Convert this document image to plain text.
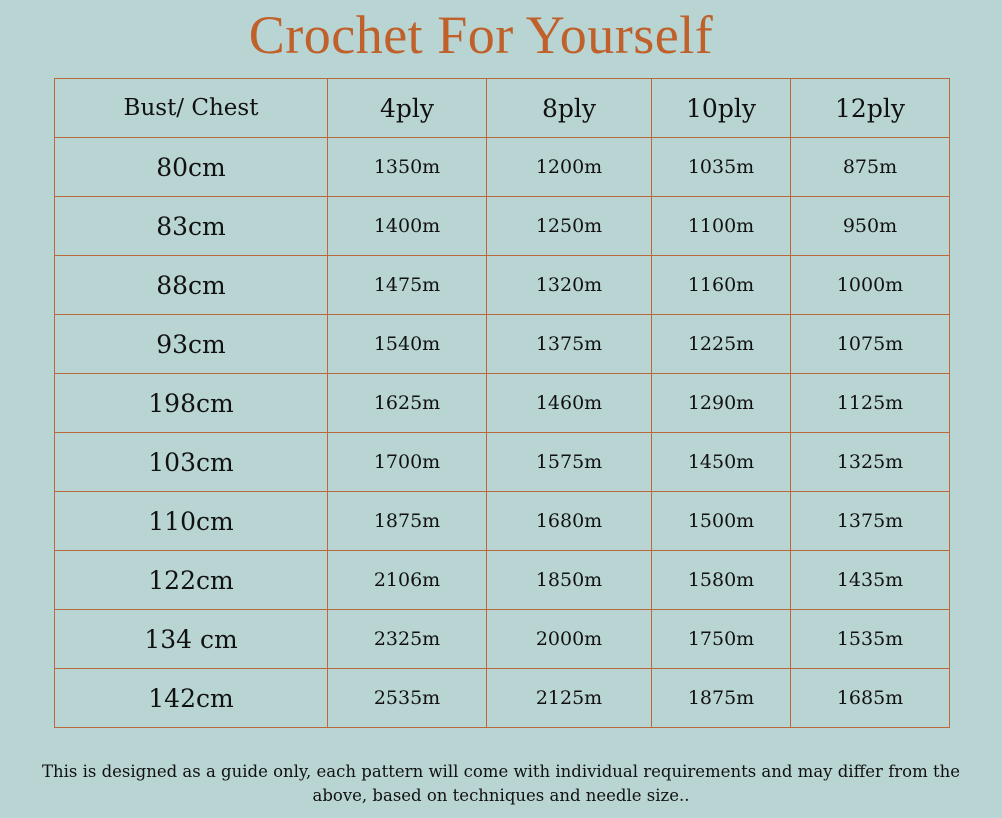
Crochet For Yourself
Bust/ Chest	4ply	8ply	10ply	12ply
80cm	1350m	1200m	1035m	875m
83cm	1400m	1250m	1100m	950m
88cm	1475m	1320m	1160m	1000m
93cm	1540m	1375m	1225m	1075m
198cm	1625m	1460m	1290m	1125m
103cm	1700m	1575m	1450m	1325m
110cm	1875m	1680m	1500m	1375m
122cm	2106m	1850m	1580m	1435m
134 cm	2325m	2000m	1750m	1535m
142cm	2535m	2125m	1875m	1685m
This is designed as a guide only, each pattern will come with individual requirements and may differ from the above, based on techniques and needle size..
